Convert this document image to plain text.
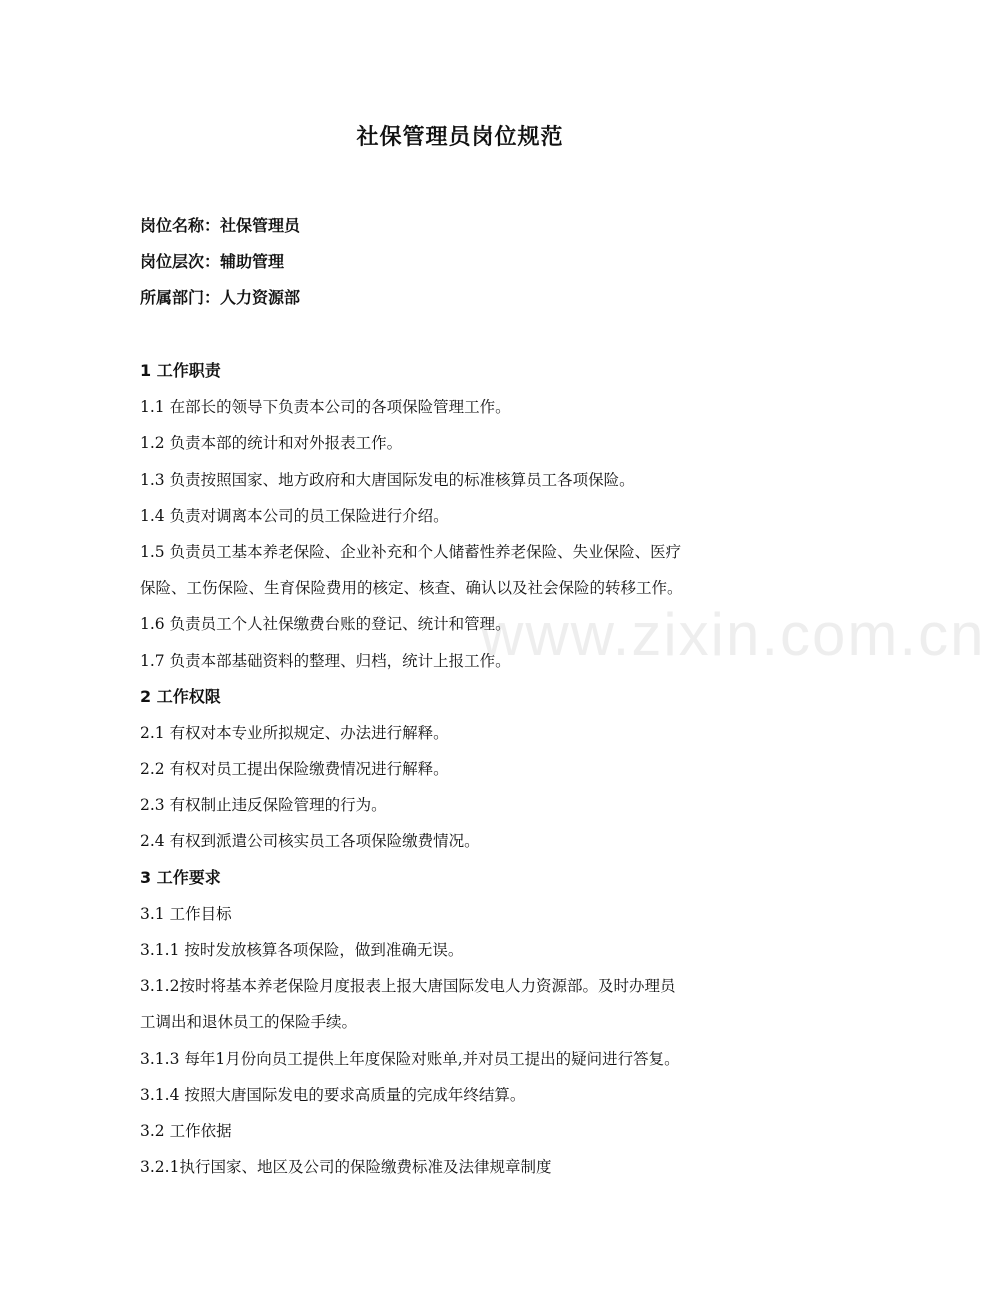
www.zixin.com.cn
社保管理员岗位规范
岗位名称：社保管理员
岗位层次：辅助管理
所属部门：人力资源部
1 工作职责
1.1 在部长的领导下负责本公司的各项保险管理工作。
1.2 负责本部的统计和对外报表工作。
1.3 负责按照国家、地方政府和大唐国际发电的标准核算员工各项保险。
1.4 负责对调离本公司的员工保险进行介绍。
1.5 负责员工基本养老保险、企业补充和个人储蓄性养老保险、失业保险、医疗
保险、工伤保险、生育保险费用的核定、核查、确认以及社会保险的转移工作。
1.6 负责员工个人社保缴费台账的登记、统计和管理。
1.7 负责本部基础资料的整理、归档，统计上报工作。
2 工作权限
2.1 有权对本专业所拟规定、办法进行解释。
2.2 有权对员工提出保险缴费情况进行解释。
2.3 有权制止违反保险管理的行为。
2.4 有权到派遣公司核实员工各项保险缴费情况。
3 工作要求
3.1 工作目标
3.1.1 按时发放核算各项保险，做到准确无误。
3.1.2按时将基本养老保险月度报表上报大唐国际发电人力资源部。及时办理员
工调出和退休员工的保险手续。
3.1.3 每年1月份向员工提供上年度保险对账单,并对员工提出的疑问进行答复。
3.1.4 按照大唐国际发电的要求高质量的完成年终结算。
3.2 工作依据
3.2.1执行国家、地区及公司的保险缴费标准及法律规章制度
